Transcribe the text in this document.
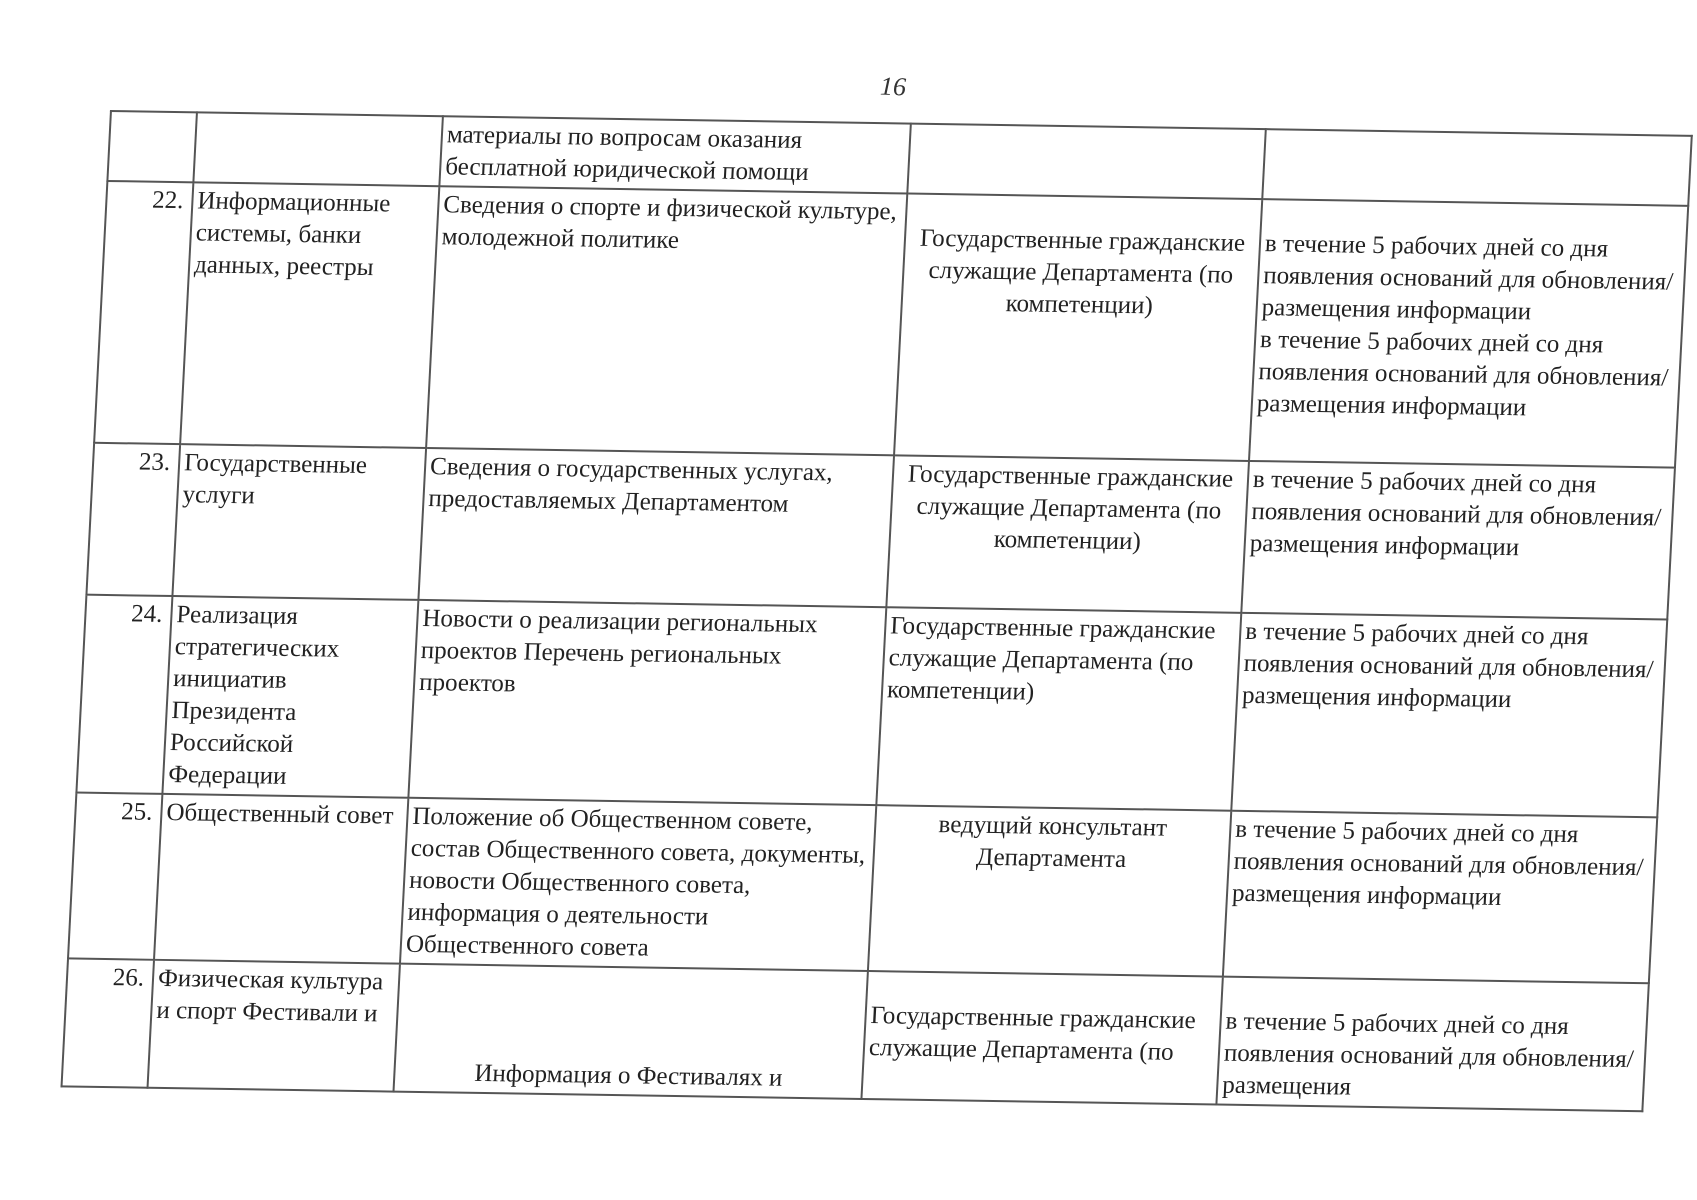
16

		материалы по вопросам оказания
бесплатной юридической помощи		

22.	Информационные системы, банки данных, реестры	Сведения о спорте и физической культуре, молодежной политике	Государственные гражданские служащие Департамента (по компетенции)	в течение 5 рабочих дней со дня появления оснований для обновления/размещения информации
в течение 5 рабочих дней со дня появления оснований для обновления/размещения информации

23.	Государственные услуги	Сведения о государственных услугах, предоставляемых Департаментом	Государственные гражданские служащие Департамента (по компетенции)	в течение 5 рабочих дней со дня появления оснований для обновления/размещения информации

24.	Реализация стратегических инициатив Президента Российской Федерации	Новости о реализации региональных проектов Перечень региональных проектов	Государственные гражданские служащие Департамента (по компетенции)	в течение 5 рабочих дней со дня появления оснований для обновления/размещения информации

25.	Общественный совет	Положение об Общественном совете, состав Общественного совета, документы, новости Общественного совета, информация о деятельности Общественного совета	ведущий консультант Департамента	в течение 5 рабочих дней со дня появления оснований для обновления/размещения информации

26.	Физическая культура и спорт Фестивали и	Информация о Фестивалях и	Государственные гражданские служащие Департамента (по	в течение 5 рабочих дней со дня появления оснований для обновления/размещения
